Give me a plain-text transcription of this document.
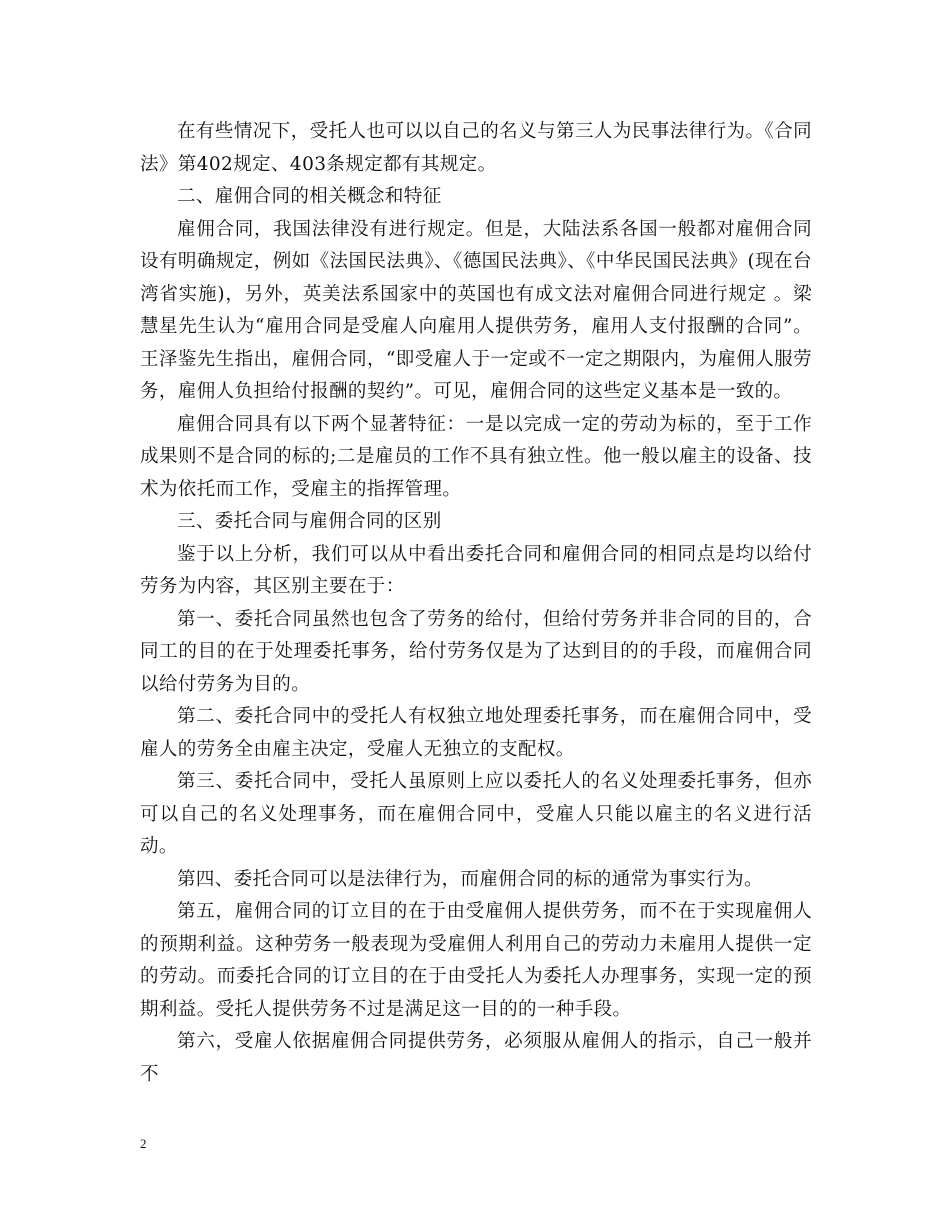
在有些情况下，受托人也可以以自己的名义与第三人为民事法律行为。《合同法》第402规定、403条规定都有其规定。

二、雇佣合同的相关概念和特征

雇佣合同，我国法律没有进行规定。但是，大陆法系各国一般都对雇佣合同设有明确规定，例如《法国民法典》、《德国民法典》、《中华民国民法典》(现在台湾省实施)，另外，英美法系国家中的英国也有成文法对雇佣合同进行规定 。梁慧星先生认为“雇用合同是受雇人向雇用人提供劳务，雇用人支付报酬的合同”。王泽鉴先生指出，雇佣合同，“即受雇人于一定或不一定之期限内，为雇佣人服劳务，雇佣人负担给付报酬的契约”。可见，雇佣合同的这些定义基本是一致的。

雇佣合同具有以下两个显著特征：一是以完成一定的劳动为标的，至于工作成果则不是合同的标的;二是雇员的工作不具有独立性。他一般以雇主的设备、技术为依托而工作，受雇主的指挥管理。

三、委托合同与雇佣合同的区别

鉴于以上分析，我们可以从中看出委托合同和雇佣合同的相同点是均以给付劳务为内容，其区别主要在于：

第一、委托合同虽然也包含了劳务的给付，但给付劳务并非合同的目的，合同工的目的在于处理委托事务，给付劳务仅是为了达到目的的手段，而雇佣合同以给付劳务为目的。

第二、委托合同中的受托人有权独立地处理委托事务，而在雇佣合同中，受雇人的劳务全由雇主决定，受雇人无独立的支配权。

第三、委托合同中，受托人虽原则上应以委托人的名义处理委托事务，但亦可以自己的名义处理事务，而在雇佣合同中，受雇人只能以雇主的名义进行活动。

第四、委托合同可以是法律行为，而雇佣合同的标的通常为事实行为。

第五，雇佣合同的订立目的在于由受雇佣人提供劳务，而不在于实现雇佣人的预期利益。这种劳务一般表现为受雇佣人利用自己的劳动力未雇用人提供一定的劳动。而委托合同的订立目的在于由受托人为委托人办理事务，实现一定的预期利益。受托人提供劳务不过是满足这一目的的一种手段。

第六，受雇人依据雇佣合同提供劳务，必须服从雇佣人的指示，自己一般并不

2
